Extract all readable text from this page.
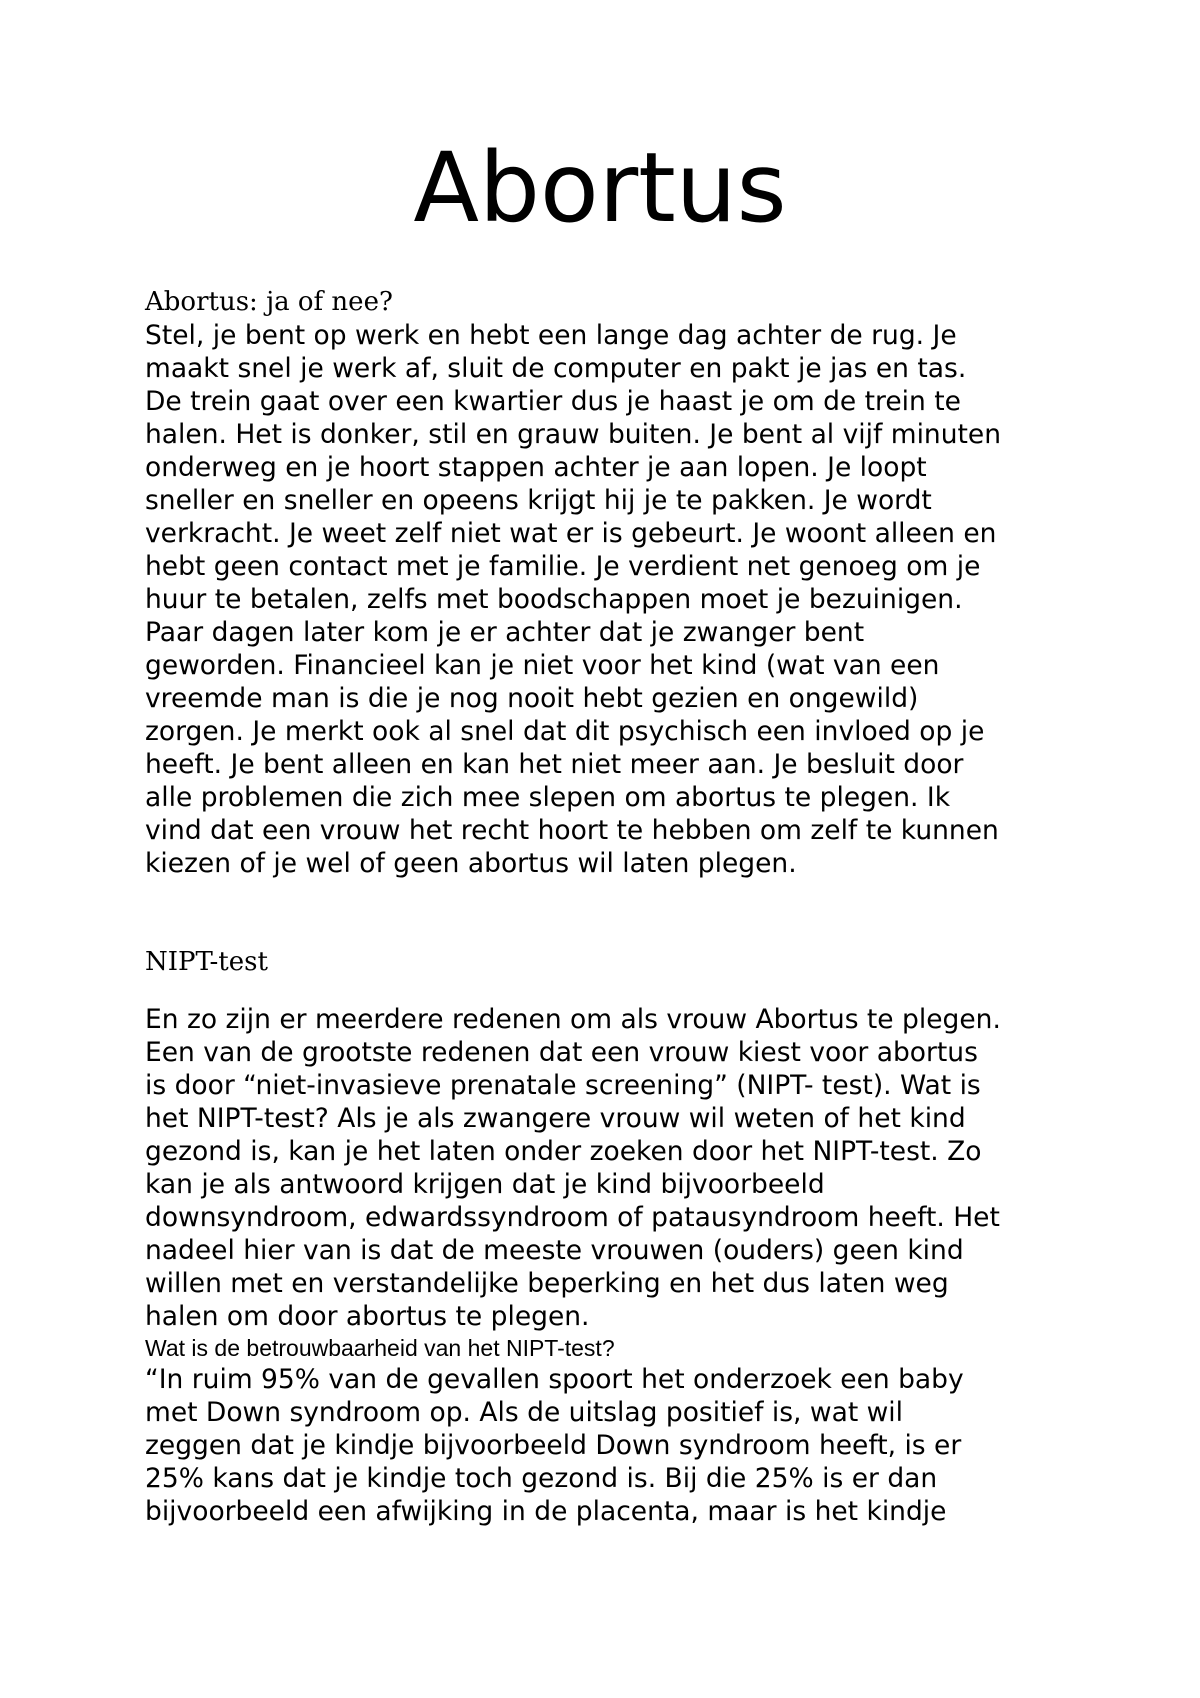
Abortus

Abortus: ja of nee?

Stel, je bent op werk en hebt een lange dag achter de rug. Je
maakt snel je werk af, sluit de computer en pakt je jas en tas.
De trein gaat over een kwartier dus je haast je om de trein te
halen. Het is donker, stil en grauw buiten. Je bent al vijf minuten
onderweg en je hoort stappen achter je aan lopen. Je loopt
sneller en sneller en opeens krijgt hij je te pakken. Je wordt
verkracht. Je weet zelf niet wat er is gebeurt. Je woont alleen en
hebt geen contact met je familie. Je verdient net genoeg om je
huur te betalen, zelfs met boodschappen moet je bezuinigen.
Paar dagen later kom je er achter dat je zwanger bent
geworden. Financieel kan je niet voor het kind (wat van een
vreemde man is die je nog nooit hebt gezien en ongewild)
zorgen. Je merkt ook al snel dat dit psychisch een invloed op je
heeft. Je bent alleen en kan het niet meer aan. Je besluit door
alle problemen die zich mee slepen om abortus te plegen. Ik
vind dat een vrouw het recht hoort te hebben om zelf te kunnen
kiezen of je wel of geen abortus wil laten plegen.

NIPT-test

En zo zijn er meerdere redenen om als vrouw Abortus te plegen.
Een van de grootste redenen dat een vrouw kiest voor abortus
is door “niet-invasieve prenatale screening” (NIPT- test). Wat is
het NIPT-test? Als je als zwangere vrouw wil weten of het kind
gezond is, kan je het laten onder zoeken door het NIPT-test. Zo
kan je als antwoord krijgen dat je kind bijvoorbeeld
downsyndroom, edwardssyndroom of patausyndroom heeft. Het
nadeel hier van is dat de meeste vrouwen (ouders) geen kind
willen met en verstandelijke beperking en het dus laten weg
halen om door abortus te plegen.

Wat is de betrouwbaarheid van het NIPT-test?

“In ruim 95% van de gevallen spoort het onderzoek een baby
met Down syndroom op. Als de uitslag positief is, wat wil
zeggen dat je kindje bijvoorbeeld Down syndroom heeft, is er
25% kans dat je kindje toch gezond is. Bij die 25% is er dan
bijvoorbeeld een afwijking in de placenta, maar is het kindje
